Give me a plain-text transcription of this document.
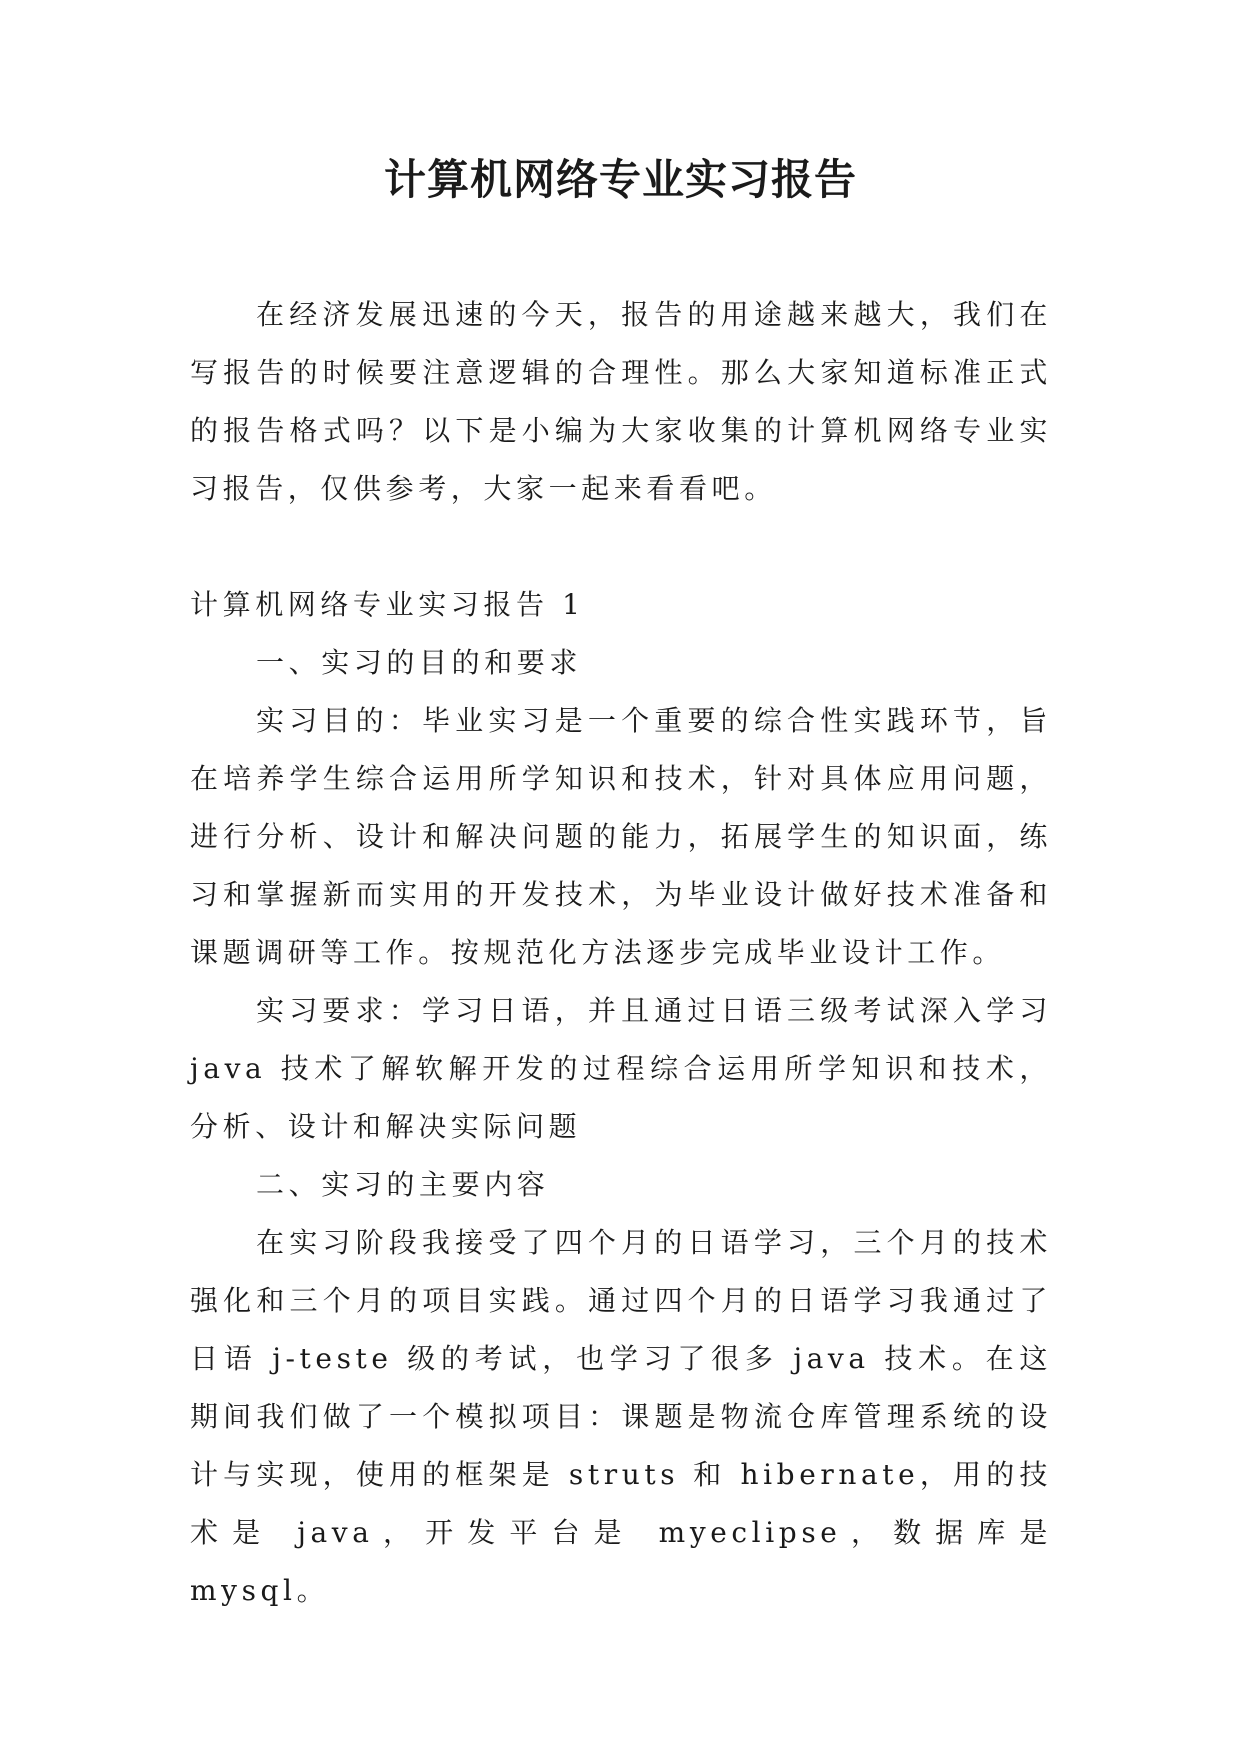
计算机网络专业实习报告

在经济发展迅速的今天，报告的用途越来越大，我们在写报告的时候要注意逻辑的合理性。那么大家知道标准正式的报告格式吗？以下是小编为大家收集的计算机网络专业实习报告，仅供参考，大家一起来看看吧。

计算机网络专业实习报告 1

一、实习的目的和要求

实习目的：毕业实习是一个重要的综合性实践环节，旨在培养学生综合运用所学知识和技术，针对具体应用问题，进行分析、设计和解决问题的能力，拓展学生的知识面，练习和掌握新而实用的开发技术，为毕业设计做好技术准备和课题调研等工作。按规范化方法逐步完成毕业设计工作。

实习要求：学习日语，并且通过日语三级考试深入学习 java 技术了解软解开发的过程综合运用所学知识和技术，分析、设计和解决实际问题

二、实习的主要内容

在实习阶段我接受了四个月的日语学习，三个月的技术强化和三个月的项目实践。通过四个月的日语学习我通过了日语 j-teste 级的考试，也学习了很多 java 技术。在这期间我们做了一个模拟项目：课题是物流仓库管理系统的设计与实现，使用的框架是 struts 和 hibernate，用的技术是 java，开发平台是 myeclipse，数据库是 mysql。
